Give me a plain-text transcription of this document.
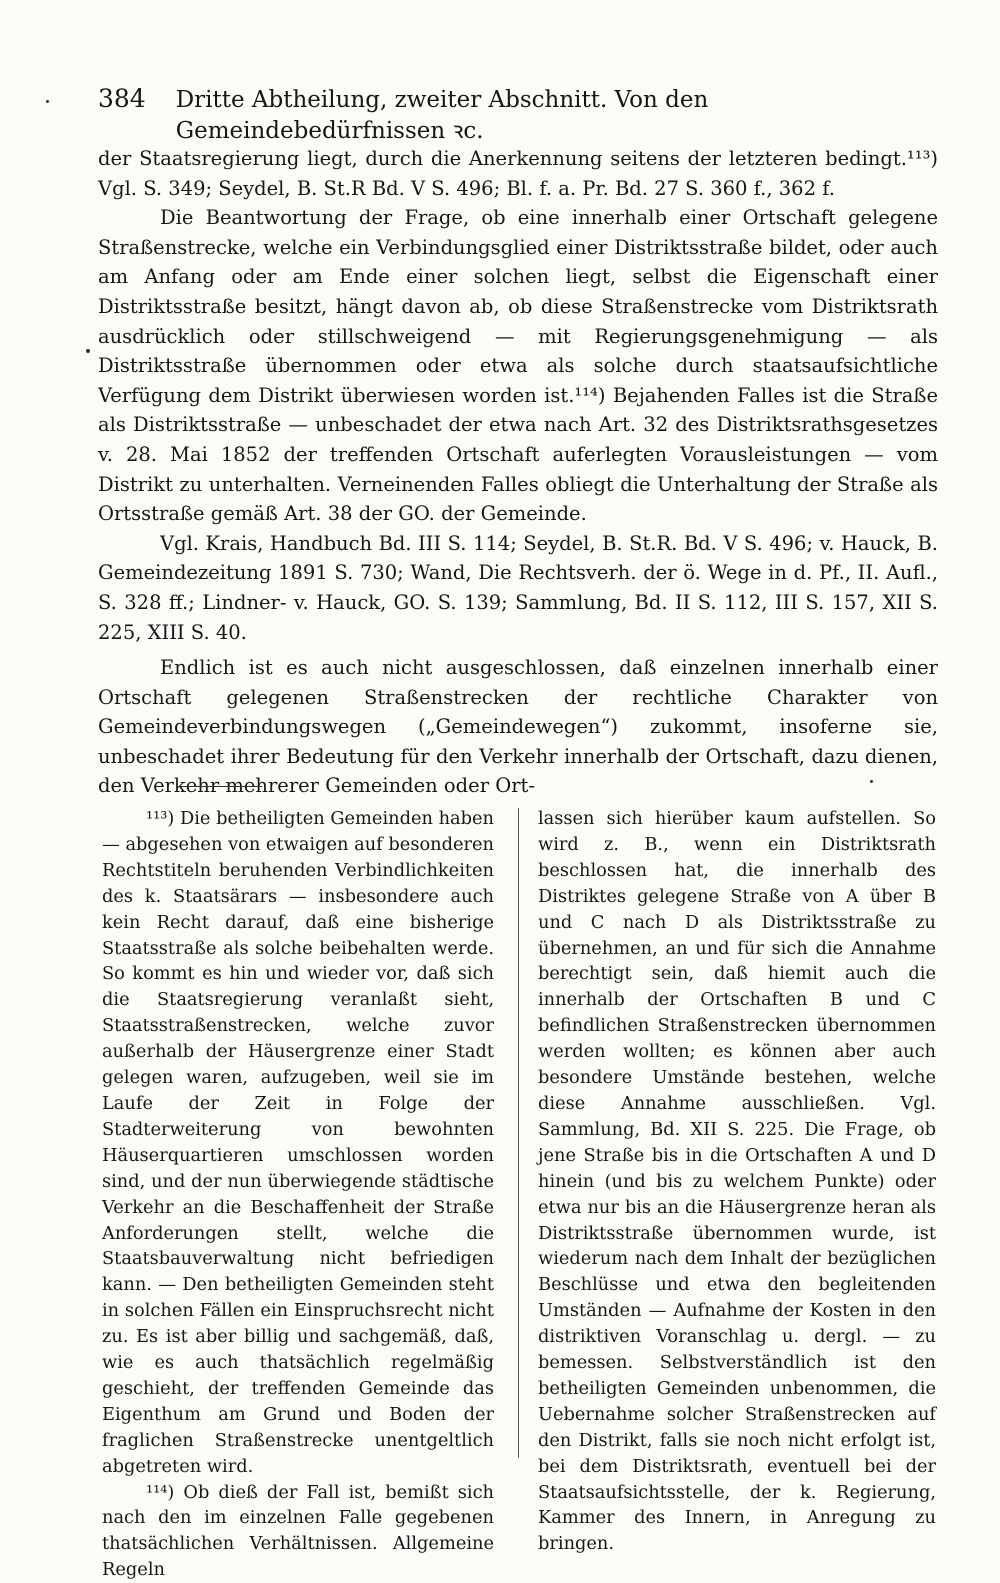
384 Dritte Abtheilung, zweiter Abschnitt. Von den Gemeindebedürfnissen ꝛc.

der Staatsregierung liegt, durch die Anerkennung seitens der letzteren bedingt.¹¹³) Vgl. S. 349; Seydel, B. St.R Bd. V S. 496; Bl. f. a. Pr. Bd. 27 S. 360 f., 362 f.

Die Beantwortung der Frage, ob eine innerhalb einer Ortschaft gelegene Straßenstrecke, welche ein Verbindungsglied einer Distriktsstraße bildet, oder auch am Anfang oder am Ende einer solchen liegt, selbst die Eigenschaft einer Distriktsstraße besitzt, hängt davon ab, ob diese Straßenstrecke vom Distriktsrath ausdrücklich oder stillschweigend — mit Regierungsgenehmigung — als Distriktsstraße übernommen oder etwa als solche durch staatsaufsichtliche Verfügung dem Distrikt überwiesen worden ist.¹¹⁴) Bejahenden Falles ist die Straße als Distriktsstraße — unbeschadet der etwa nach Art. 32 des Distriktsrathsgesetzes v. 28. Mai 1852 der treffenden Ortschaft auferlegten Vorausleistungen — vom Distrikt zu unterhalten. Verneinenden Falles obliegt die Unterhaltung der Straße als Ortsstraße gemäß Art. 38 der GO. der Gemeinde.

Vgl. Krais, Handbuch Bd. III S. 114; Seydel, B. St.R. Bd. V S. 496; v. Hauck, B. Gemeindezeitung 1891 S. 730; Wand, Die Rechtsverh. der ö. Wege in d. Pf., II. Aufl., S. 328 ff.; Lindner- v. Hauck, GO. S. 139; Sammlung, Bd. II S. 112, III S. 157, XII S. 225, XIII S. 40.

Endlich ist es auch nicht ausgeschlossen, daß einzelnen innerhalb einer Ortschaft gelegenen Straßenstrecken der rechtliche Charakter von Gemeindeverbindungswegen („Gemeindewegen“) zukommt, insoferne sie, unbeschadet ihrer Bedeutung für den Verkehr innerhalb der Ortschaft, dazu dienen, den Verkehr mehrerer Gemeinden oder Ort-

¹¹³) Die betheiligten Gemeinden haben — abgesehen von etwaigen auf besonderen Rechtstiteln beruhenden Verbindlichkeiten des k. Staatsärars — insbesondere auch kein Recht darauf, daß eine bisherige Staatsstraße als solche beibehalten werde. So kommt es hin und wieder vor, daß sich die Staatsregierung veranlaßt sieht, Staatsstraßenstrecken, welche zuvor außerhalb der Häusergrenze einer Stadt gelegen waren, aufzugeben, weil sie im Laufe der Zeit in Folge der Stadterweiterung von bewohnten Häuserquartieren umschlossen worden sind, und der nun überwiegende städtische Verkehr an die Beschaffenheit der Straße Anforderungen stellt, welche die Staatsbauverwaltung nicht befriedigen kann. — Den betheiligten Gemeinden steht in solchen Fällen ein Einspruchsrecht nicht zu. Es ist aber billig und sachgemäß, daß, wie es auch thatsächlich regelmäßig geschieht, der treffenden Gemeinde das Eigenthum am Grund und Boden der fraglichen Straßenstrecke unentgeltlich abgetreten wird.

¹¹⁴) Ob dieß der Fall ist, bemißt sich nach den im einzelnen Falle gegebenen thatsächlichen Verhältnissen. Allgemeine Regeln

lassen sich hierüber kaum aufstellen. So wird z. B., wenn ein Distriktsrath beschlossen hat, die innerhalb des Distriktes gelegene Straße von A über B und C nach D als Distriktsstraße zu übernehmen, an und für sich die Annahme berechtigt sein, daß hiemit auch die innerhalb der Ortschaften B und C befindlichen Straßenstrecken übernommen werden wollten; es können aber auch besondere Umstände bestehen, welche diese Annahme ausschließen. Vgl. Sammlung, Bd. XII S. 225. Die Frage, ob jene Straße bis in die Ortschaften A und D hinein (und bis zu welchem Punkte) oder etwa nur bis an die Häusergrenze heran als Distriktsstraße übernommen wurde, ist wiederum nach dem Inhalt der bezüglichen Beschlüsse und etwa den begleitenden Umständen — Aufnahme der Kosten in den distriktiven Voranschlag u. dergl. — zu bemessen. Selbstverständlich ist den betheiligten Gemeinden unbenommen, die Uebernahme solcher Straßenstrecken auf den Distrikt, falls sie noch nicht erfolgt ist, bei dem Distriktsrath, eventuell bei der Staatsaufsichtsstelle, der k. Regierung, Kammer des Innern, in Anregung zu bringen.
